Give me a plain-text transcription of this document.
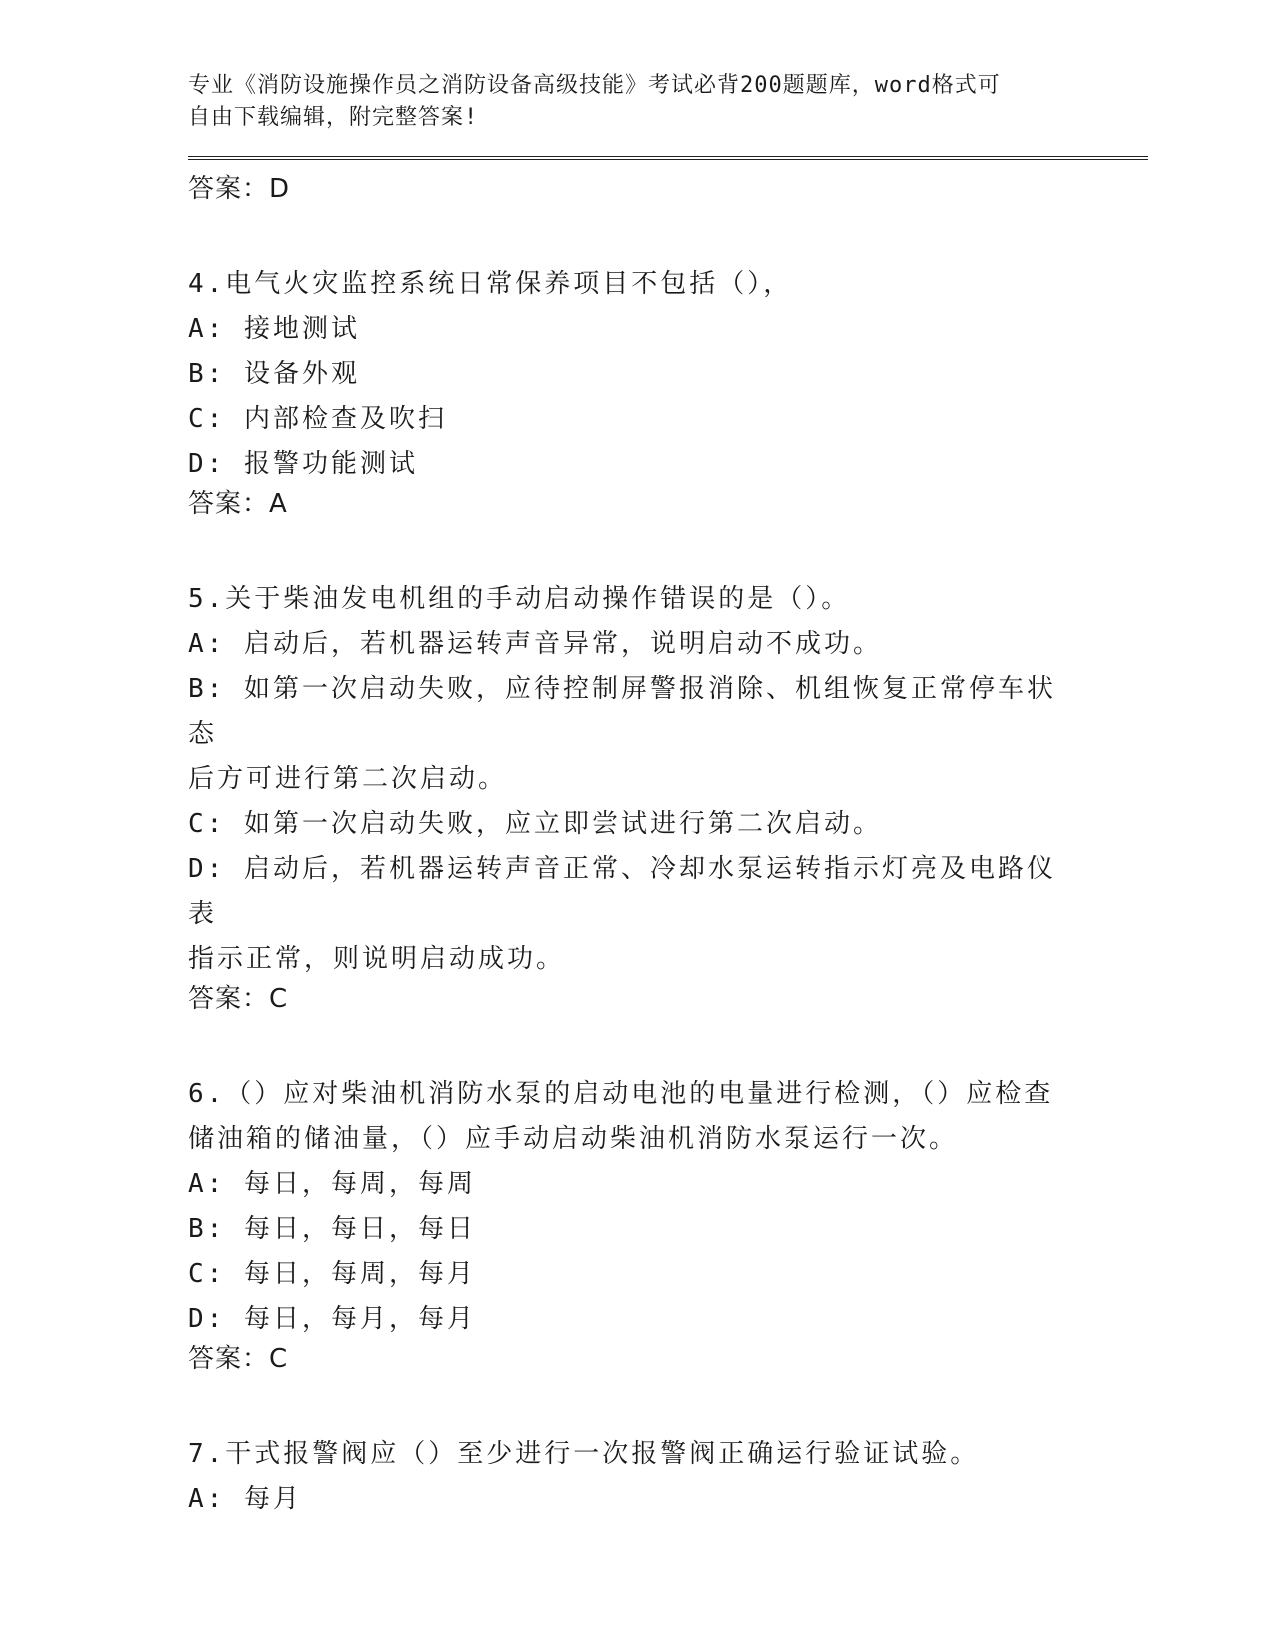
专业《消防设施操作员之消防设备高级技能》考试必背200题题库，word格式可
自由下载编辑，附完整答案!
答案：D
4.电气火灾监控系统日常保养项目不包括（），
A: 接地测试
B: 设备外观
C: 内部检查及吹扫
D: 报警功能测试
答案：A
5.关于柴油发电机组的手动启动操作错误的是（）。
A: 启动后，若机器运转声音异常，说明启动不成功。
B: 如第一次启动失败，应待控制屏警报消除、机组恢复正常停车状态
后方可进行第二次启动。
C: 如第一次启动失败，应立即尝试进行第二次启动。
D: 启动后，若机器运转声音正常、冷却水泵运转指示灯亮及电路仪表
指示正常，则说明启动成功。
答案：C
6.（）应对柴油机消防水泵的启动电池的电量进行检测，（）应检查
储油箱的储油量，（）应手动启动柴油机消防水泵运行一次。
A: 每日，每周，每周
B: 每日，每日，每日
C: 每日，每周，每月
D: 每日，每月，每月
答案：C
7.干式报警阀应（）至少进行一次报警阀正确运行验证试验。
A: 每月
